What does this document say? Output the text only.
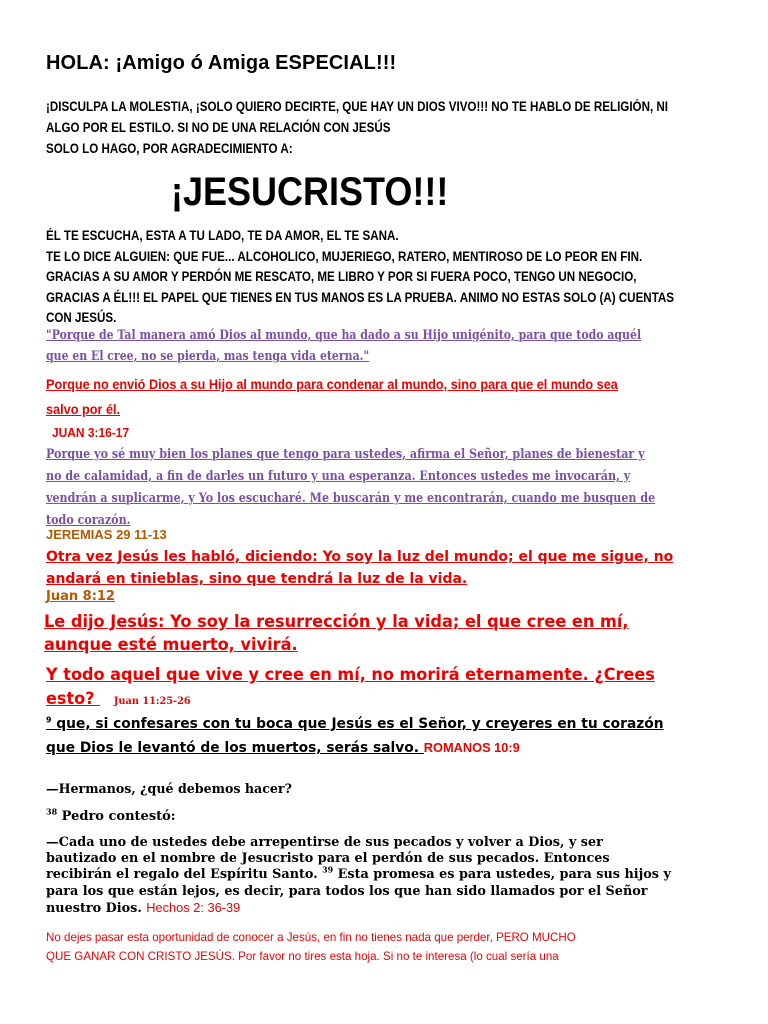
HOLA: ¡Amigo ó Amiga ESPECIAL!!!
¡DISCULPA LA MOLESTIA, ¡SOLO QUIERO DECIRTE, QUE HAY UN DIOS VIVO!!! NO TE HABLO DE RELIGIÓN, NI
ALGO POR EL ESTILO. SI NO DE UNA RELACIÓN CON JESÚS
SOLO LO HAGO, POR AGRADECIMIENTO A:
¡JESUCRISTO!!!
ÉL TE ESCUCHA, ESTA A TU LADO, TE DA AMOR, EL TE SANA.
TE LO DICE ALGUIEN: QUE FUE... ALCOHOLICO, MUJERIEGO, RATERO, MENTIROSO DE LO PEOR EN FIN.
GRACIAS A SU AMOR Y PERDÓN ME RESCATO, ME LIBRO Y POR SI FUERA POCO, TENGO UN NEGOCIO,
GRACIAS A ÉL!!! EL PAPEL QUE TIENES EN TUS MANOS ES LA PRUEBA. ANIMO NO ESTAS SOLO (A) CUENTAS
CON JESÚS.
"Porque de Tal manera amó Dios al mundo, que ha dado a su Hijo unigénito, para que todo aquél
que en El cree, no se pierda, mas tenga vida eterna."
Porque no envió Dios a su Hijo al mundo para condenar al mundo, sino para que el mundo sea
salvo por él.
JUAN 3:16-17
Porque yo sé muy bien los planes que tengo para ustedes, afirma el Señor, planes de bienestar y
no de calamidad, a fin de darles un futuro y una esperanza. Entonces ustedes me invocarán, y
vendrán a suplicarme, y Yo los escucharé. Me buscarán y me encontrarán, cuando me busquen de
todo corazón.
JEREMIAS 29 11-13
Otra vez Jesús les habló, diciendo: Yo soy la luz del mundo; el que me sigue, no
andará en tinieblas, sino que tendrá la luz de la vida.
Juan 8:12
Le dijo Jesús: Yo soy la resurrección y la vida; el que cree en mí,
aunque esté muerto, vivirá.
Y todo aquel que vive y cree en mí, no morirá eternamente. ¿Crees
esto? Juan 11:25-26
$^9$ que, si confesares con tu boca que Jesús es el Señor, y creyeres en tu corazón
que Dios le levantó de los muertos, serás salvo. ROMANOS 10:9
—Hermanos, ¿qué debemos hacer?
$^{38}$ Pedro contestó:
—Cada uno de ustedes debe arrepentirse de sus pecados y volver a Dios, y ser
bautizado en el nombre de Jesucristo para el perdón de sus pecados. Entonces
recibirán el regalo del Espíritu Santo. $^{39}$ Esta promesa es para ustedes, para sus hijos y
para los que están lejos, es decir, para todos los que han sido llamados por el Señor
nuestro Dios. Hechos 2: 36-39
No dejes pasar esta oportunidad de conocer a Jesús, en fin no tienes nada que perder, PERO MUCHO
QUE GANAR CON CRISTO JESÚS. Por favor no tires esta hoja. Si no te interesa (lo cual sería una
